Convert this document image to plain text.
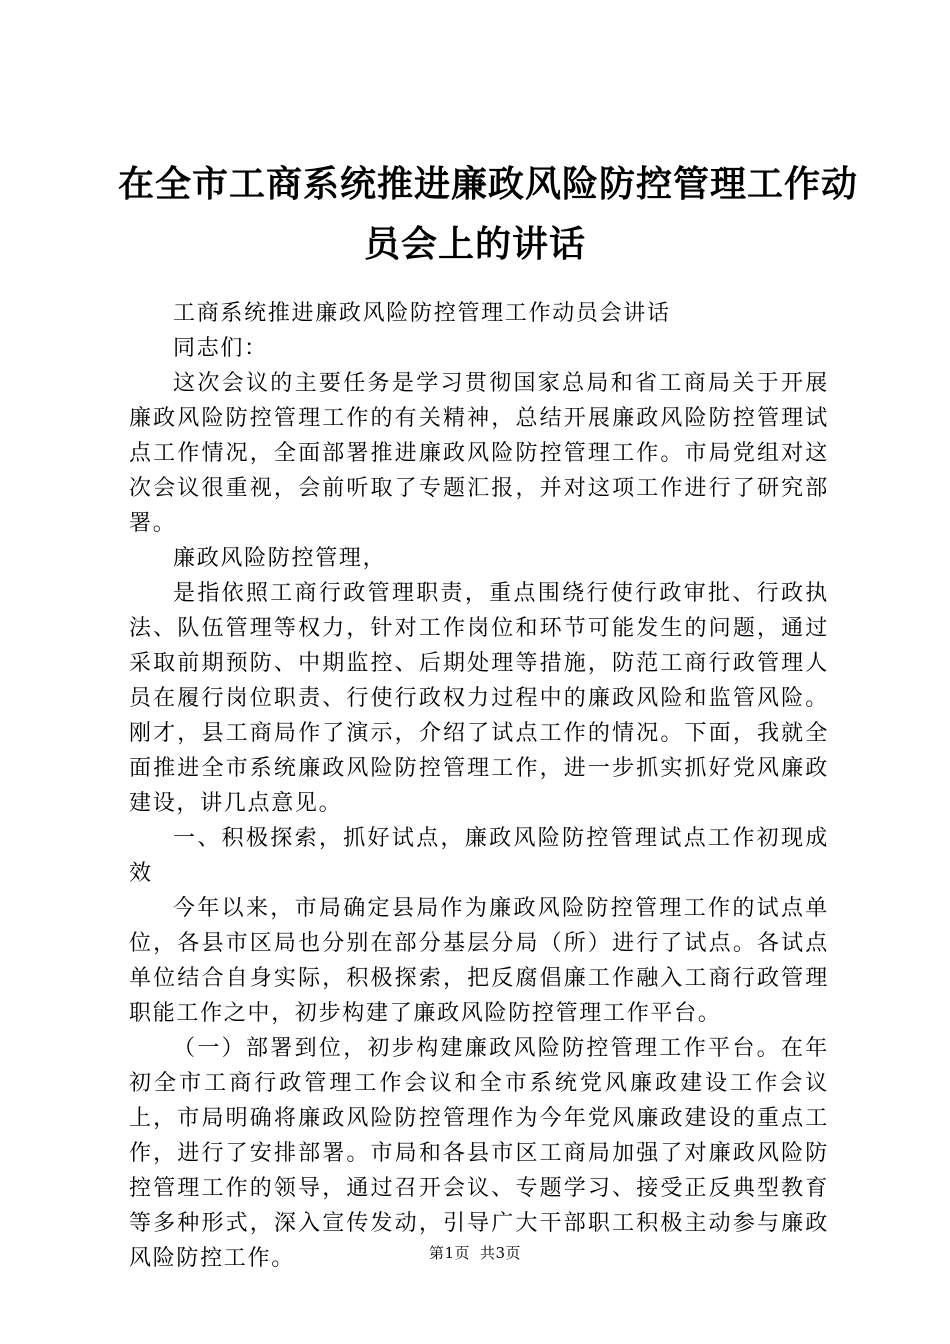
在全市工商系统推进廉政风险防控管理工作动
员会上的讲话

工商系统推进廉政风险防控管理工作动员会讲话

同志们：

这次会议的主要任务是学习贯彻国家总局和省工商局关于开展廉政风险防控管理工作的有关精神，总结开展廉政风险防控管理试点工作情况，全面部署推进廉政风险防控管理工作。市局党组对这次会议很重视，会前听取了专题汇报，并对这项工作进行了研究部署。

廉政风险防控管理，

是指依照工商行政管理职责，重点围绕行使行政审批、行政执法、队伍管理等权力，针对工作岗位和环节可能发生的问题，通过采取前期预防、中期监控、后期处理等措施，防范工商行政管理人员在履行岗位职责、行使行政权力过程中的廉政风险和监管风险。刚才，县工商局作了演示，介绍了试点工作的情况。下面，我就全面推进全市系统廉政风险防控管理工作，进一步抓实抓好党风廉政建设，讲几点意见。

一、积极探索，抓好试点，廉政风险防控管理试点工作初现成效

今年以来，市局确定县局作为廉政风险防控管理工作的试点单位，各县市区局也分别在部分基层分局（所）进行了试点。各试点单位结合自身实际，积极探索，把反腐倡廉工作融入工商行政管理职能工作之中，初步构建了廉政风险防控管理工作平台。

（一）部署到位，初步构建廉政风险防控管理工作平台。在年初全市工商行政管理工作会议和全市系统党风廉政建设工作会议上，市局明确将廉政风险防控管理作为今年党风廉政建设的重点工作，进行了安排部署。市局和各县市区工商局加强了对廉政风险防控管理工作的领导，通过召开会议、专题学习、接受正反典型教育等多种形式，深入宣传发动，引导广大干部职工积极主动参与廉政风险防控工作。	第1页 共3页
